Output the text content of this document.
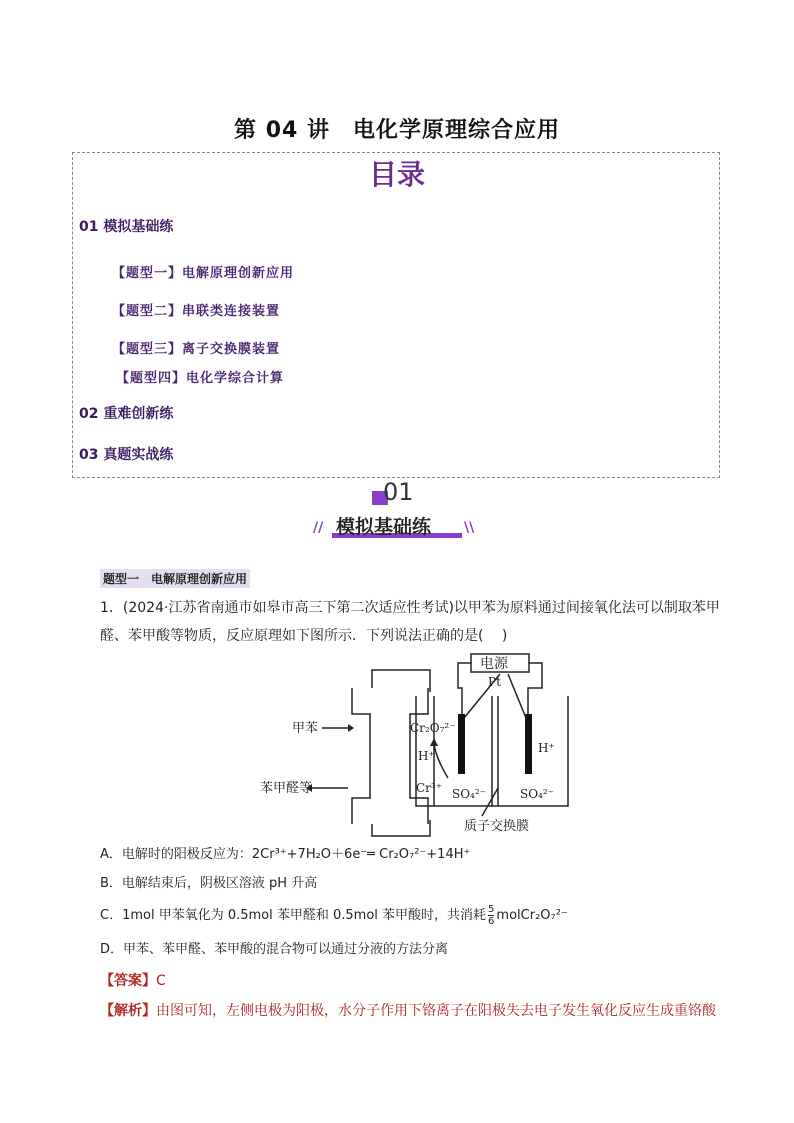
第 04 讲　电化学原理综合应用
目录
01 模拟基础练
【题型一】电解原理创新应用
【题型二】串联类连接装置
【题型三】离子交换膜装置
【题型四】电化学综合计算
02 重难创新练
03 真题实战练
01
// 模拟基础练 \\
题型一　电解原理创新应用
1．(2024·江苏省南通市如皋市高三下第二次适应性考试)以甲苯为原料通过间接氧化法可以制取苯甲
醛、苯甲酸等物质，反应原理如下图所示．下列说法正确的是(　 )
电源
Pt
甲苯
苯甲醛等
Cr₂O₇²⁻
H⁺
Cr³⁺ SO₄²⁻
H⁺
SO₄²⁻
质子交换膜
A．电解时的阳极反应为：2Cr³⁺+7H₂O＋6e⁻═ Cr₂O₇²⁻+14H⁺
B．电解结束后，阴极区溶液 pH 升高
C．1mol 甲苯氧化为 0.5mol 苯甲醛和 0.5mol 苯甲酸时，共消耗 $\frac{5}{6}$ molCr₂O₇²⁻
D．甲苯、苯甲醛、苯甲酸的混合物可以通过分液的方法分离
【答案】C
【解析】由图可知，左侧电极为阳极，水分子作用下铬离子在阳极失去电子发生氧化反应生成重铬酸
